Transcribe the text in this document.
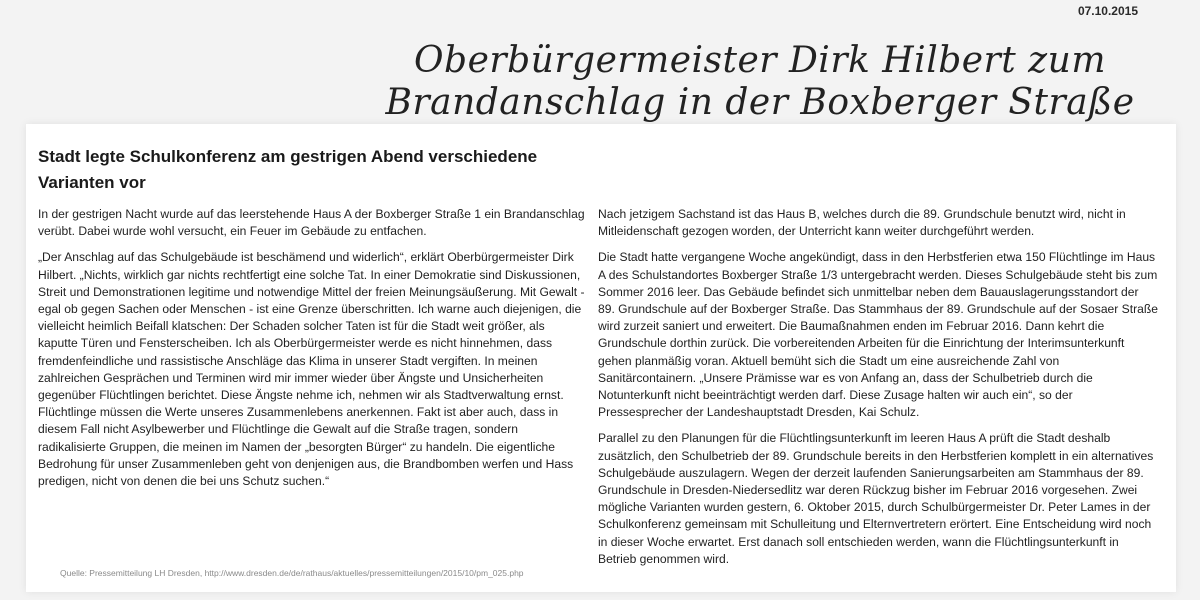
07.10.2015
Oberbürgermeister Dirk Hilbert zum
Brandanschlag in der Boxberger Straße
Stadt legte Schulkonferenz am gestrigen Abend verschiedene Varianten vor

In der gestrigen Nacht wurde auf das leerstehende Haus A der Boxberger Straße 1 ein Brandanschlag verübt. Dabei wurde wohl versucht, ein Feuer im Gebäude zu entfachen.

„Der Anschlag auf das Schulgebäude ist beschämend und widerlich“, erklärt Oberbürgermeister Dirk Hilbert. „Nichts, wirklich gar nichts rechtfertigt eine solche Tat. In einer Demokratie sind Diskussionen, Streit und Demonstrationen legitime und notwendige Mittel der freien Meinungsäußerung. Mit Gewalt - egal ob gegen Sachen oder Menschen - ist eine Grenze überschritten. Ich warne auch diejenigen, die vielleicht heimlich Beifall klatschen: Der Schaden solcher Taten ist für die Stadt weit größer, als kaputte Türen und Fensterscheiben. Ich als Oberbürgermeister werde es nicht hinnehmen, dass fremdenfeindliche und rassistische Anschläge das Klima in unserer Stadt vergiften. In meinen zahlreichen Gesprächen und Terminen wird mir immer wieder über Ängste und Unsicherheiten gegenüber Flüchtlingen berichtet. Diese Ängste nehme ich, nehmen wir als Stadtverwaltung ernst. Flüchtlinge müssen die Werte unseres Zusammenlebens anerkennen. Fakt ist aber auch, dass in diesem Fall nicht Asylbewerber und Flüchtlinge die Gewalt auf die Straße tragen, sondern radikalisierte Gruppen, die meinen im Namen der „besorgten Bürger“ zu handeln. Die eigentliche Bedrohung für unser Zusammenleben geht von denjenigen aus, die Brandbomben werfen und Hass predigen, nicht von denen die bei uns Schutz suchen.“

Nach jetzigem Sachstand ist das Haus B, welches durch die 89. Grundschule benutzt wird, nicht in Mitleidenschaft gezogen worden, der Unterricht kann weiter durchgeführt werden.

Die Stadt hatte vergangene Woche angekündigt, dass in den Herbstferien etwa 150 Flüchtlinge im Haus A des Schulstandortes Boxberger Straße 1/3 untergebracht werden. Dieses Schulgebäude steht bis zum Sommer 2016 leer. Das Gebäude befindet sich unmittelbar neben dem Bauauslagerungsstandort der 89. Grundschule auf der Boxberger Straße. Das Stammhaus der 89. Grundschule auf der Sosaer Straße wird zurzeit saniert und erweitert. Die Baumaßnahmen enden im Februar 2016. Dann kehrt die Grundschule dorthin zurück. Die vorbereitenden Arbeiten für die Einrichtung der Interimsunterkunft gehen planmäßig voran. Aktuell bemüht sich die Stadt um eine ausreichende Zahl von Sanitärcontainern. „Unsere Prämisse war es von Anfang an, dass der Schulbetrieb durch die Notunterkunft nicht beeinträchtigt werden darf. Diese Zusage halten wir auch ein“, so der Pressesprecher der Landeshauptstadt Dresden, Kai Schulz.

Parallel zu den Planungen für die Flüchtlingsunterkunft im leeren Haus A prüft die Stadt deshalb zusätzlich, den Schulbetrieb der 89. Grundschule bereits in den Herbstferien komplett in ein alternatives Schulgebäude auszulagern. Wegen der derzeit laufenden Sanierungsarbeiten am Stammhaus der 89. Grundschule in Dresden-Niedersedlitz war deren Rückzug bisher im Februar 2016 vorgesehen. Zwei mögliche Varianten wurden gestern, 6. Oktober 2015, durch Schulbürgermeister Dr. Peter Lames in der Schulkonferenz gemeinsam mit Schulleitung und Elternvertretern erörtert. Eine Entscheidung wird noch in dieser Woche erwartet. Erst danach soll entschieden werden, wann die Flüchtlingsunterkunft in Betrieb genommen wird.

Quelle: Pressemitteilung LH Dresden, http://www.dresden.de/de/rathaus/aktuelles/pressemitteilungen/2015/10/pm_025.php
